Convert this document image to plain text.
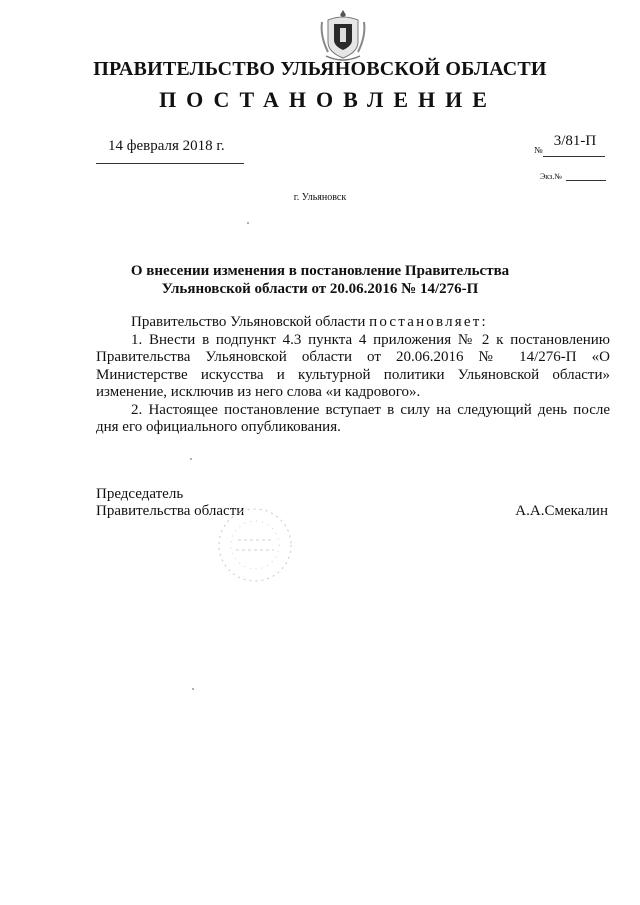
ПРАВИТЕЛЬСТВО УЛЬЯНОВСКОЙ ОБЛАСТИ
ПОСТАНОВЛЕНИЕ
14 февраля 2018 г.	№
3/81-П
Экз.№
г. Ульяновск
О внесении изменения в постановление Правительства
Ульяновской области от 20.06.2016 № 14/276-П

Правительство Ульяновской области постановляет:

1. Внести в подпункт 4.3 пункта 4 приложения № 2 к постановлению Правительства Ульяновской области от 20.06.2016 № 14/276-П «О Министерстве искусства и культурной политики Ульяновской области» изменение, исключив из него слова «и кадрового».

2. Настоящее постановление вступает в силу на следующий день после дня его официального опубликования.

Председатель
Правительства области	А.А.Смекалин
